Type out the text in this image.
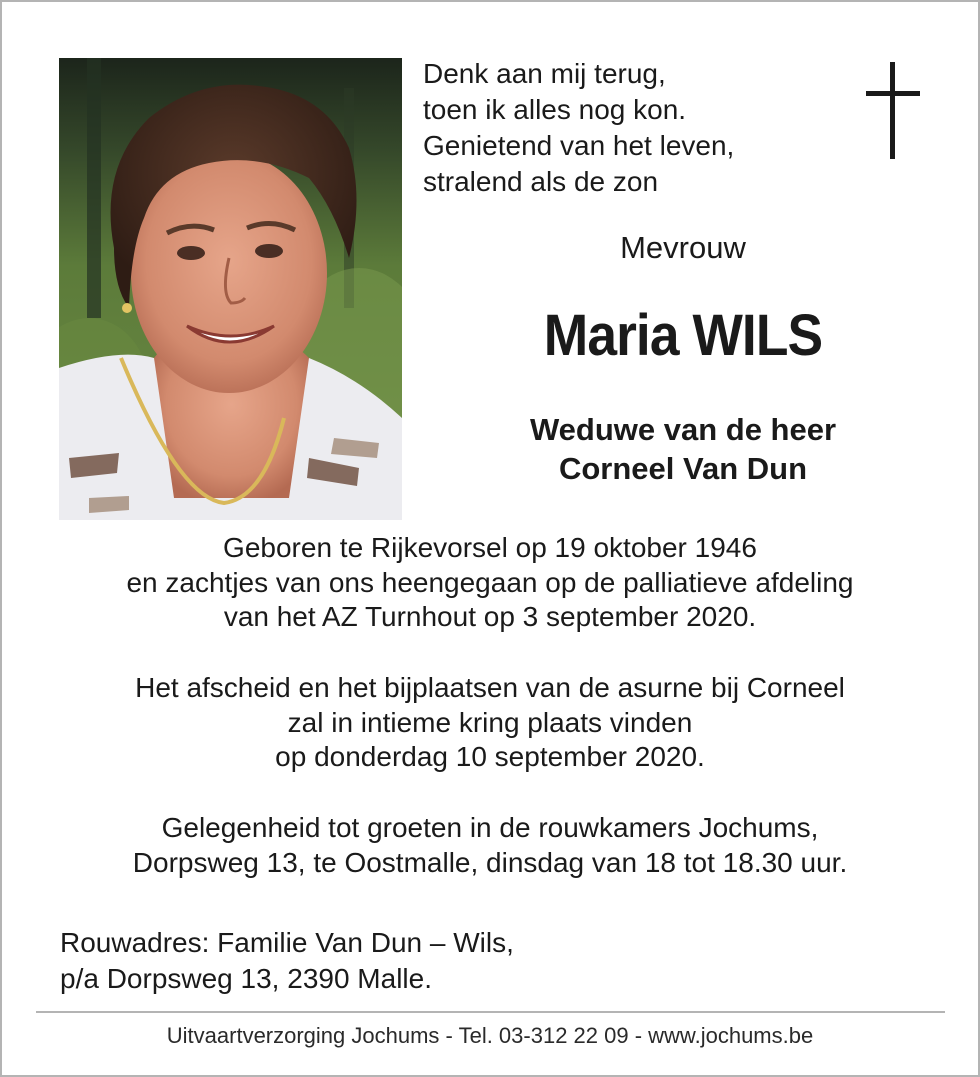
Denk aan mij terug,
toen ik alles nog kon.
Genietend van het leven,
stralend als de zon
Mevrouw
Maria WILS
Weduwe van de heer
Corneel Van Dun
Geboren te Rijkevorsel op 19 oktober 1946
en zachtjes van ons heengegaan op de palliatieve afdeling
van het AZ Turnhout op 3 september 2020.
Het afscheid en het bijplaatsen van de asurne bij Corneel
zal in intieme kring plaats vinden
op donderdag 10 september 2020.
Gelegenheid tot groeten in de rouwkamers Jochums,
Dorpsweg 13, te Oostmalle, dinsdag van 18 tot 18.30 uur.
Rouwadres: Familie Van Dun – Wils,
p/a Dorpsweg 13, 2390 Malle.
Uitvaartverzorging Jochums - Tel. 03-312 22 09 - www.jochums.be
